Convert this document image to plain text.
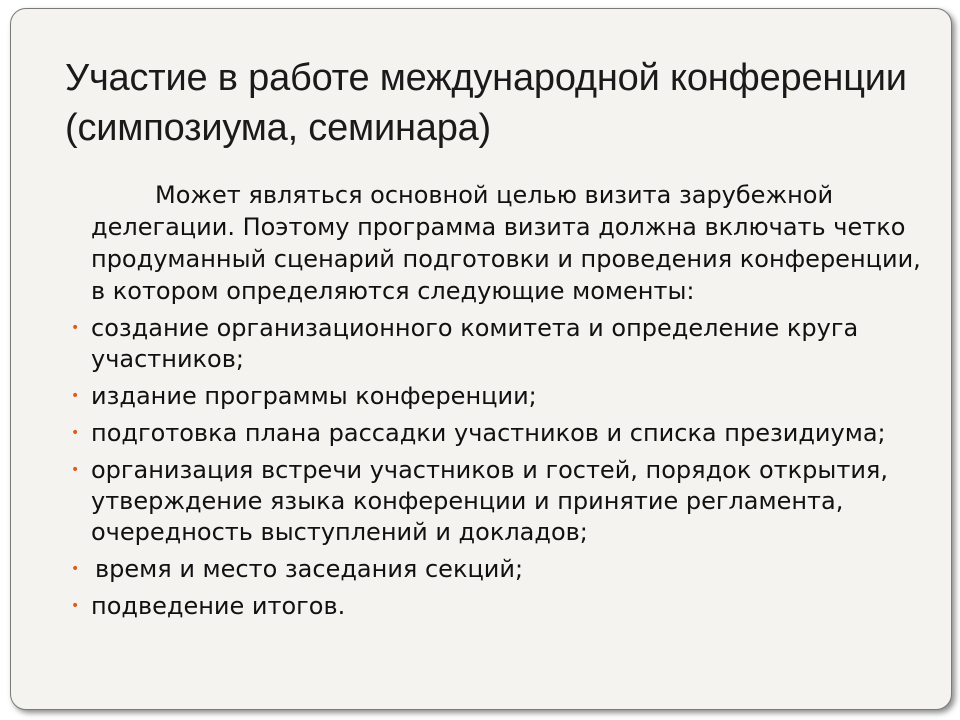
Участие в работе международной конференции (симпозиума, семинара)

Может являться основной целью визита зарубежной делегации. Поэтому программа визита должна включать четко продуманный сценарий подготовки и проведения конференции, в котором определяются следующие моменты:

• создание организационного комитета и определение круга участников;
• издание программы конференции;
• подготовка плана рассадки участников и списка президиума;
• организация встречи участников и гостей, порядок открытия, утверждение языка конференции и принятие регламента, очередность выступлений и докладов;
• время и место заседания секций;
• подведение итогов.
